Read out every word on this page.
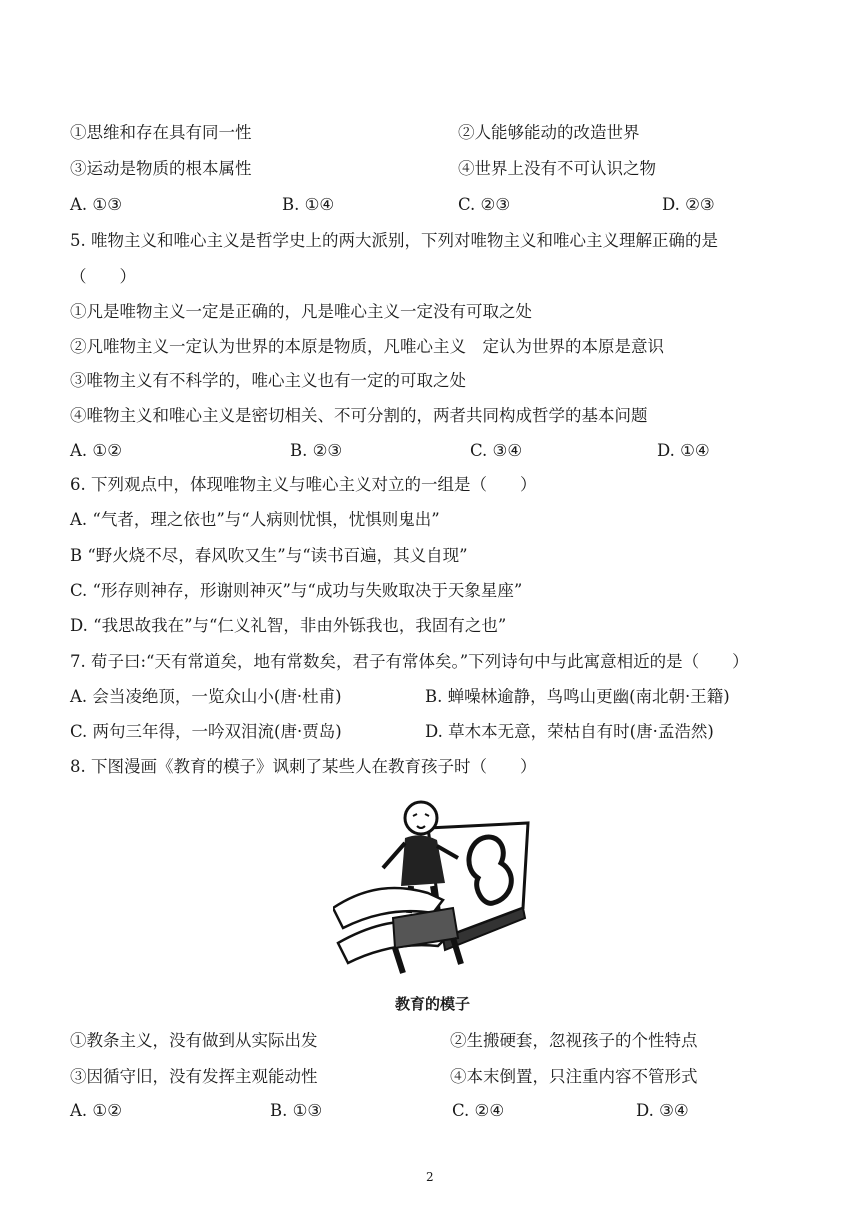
①思维和存在具有同一性	②人能够能动的改造世界
③运动是物质的根本属性	④世界上没有不可认识之物
A. ①③	B. ①④	C. ②③	D. ②③
5. 唯物主义和唯心主义是哲学史上的两大派别，下列对唯物主义和唯心主义理解正确的是
（　　）
①凡是唯物主义一定是正确的，凡是唯心主义一定没有可取之处
②凡唯物主义一定认为世界的本原是物质，凡唯心主义　定认为世界的本原是意识
③唯物主义有不科学的，唯心主义也有一定的可取之处
④唯物主义和唯心主义是密切相关、不可分割的，两者共同构成哲学的基本问题
A. ①②	B. ②③	C. ③④	D. ①④
6. 下列观点中，体现唯物主义与唯心主义对立的一组是（　　）
A. “气者，理之依也”与“人病则忧惧，忧惧则鬼出”
B “野火烧不尽，春风吹又生”与“读书百遍，其义自现”
C. “形存则神存，形谢则神灭”与“成功与失败取决于天象星座”
D. “我思故我在”与“仁义礼智，非由外铄我也，我固有之也”
7. 荀子曰:“天有常道矣，地有常数矣，君子有常体矣。”下列诗句中与此寓意相近的是（　　）
A. 会当凌绝顶，一览众山小(唐·杜甫)	B. 蝉噪林逾静，鸟鸣山更幽(南北朝·王籍)
C. 两句三年得，一吟双泪流(唐·贾岛)	D. 草木本无意，荣枯自有时(唐·孟浩然)
8. 下图漫画《教育的模子》讽刺了某些人在教育孩子时（　　）
教育的模子
①教条主义，没有做到从实际出发	②生搬硬套，忽视孩子的个性特点
③因循守旧，没有发挥主观能动性	④本末倒置，只注重内容不管形式
A. ①②	B. ①③	C. ②④	D. ③④
2
